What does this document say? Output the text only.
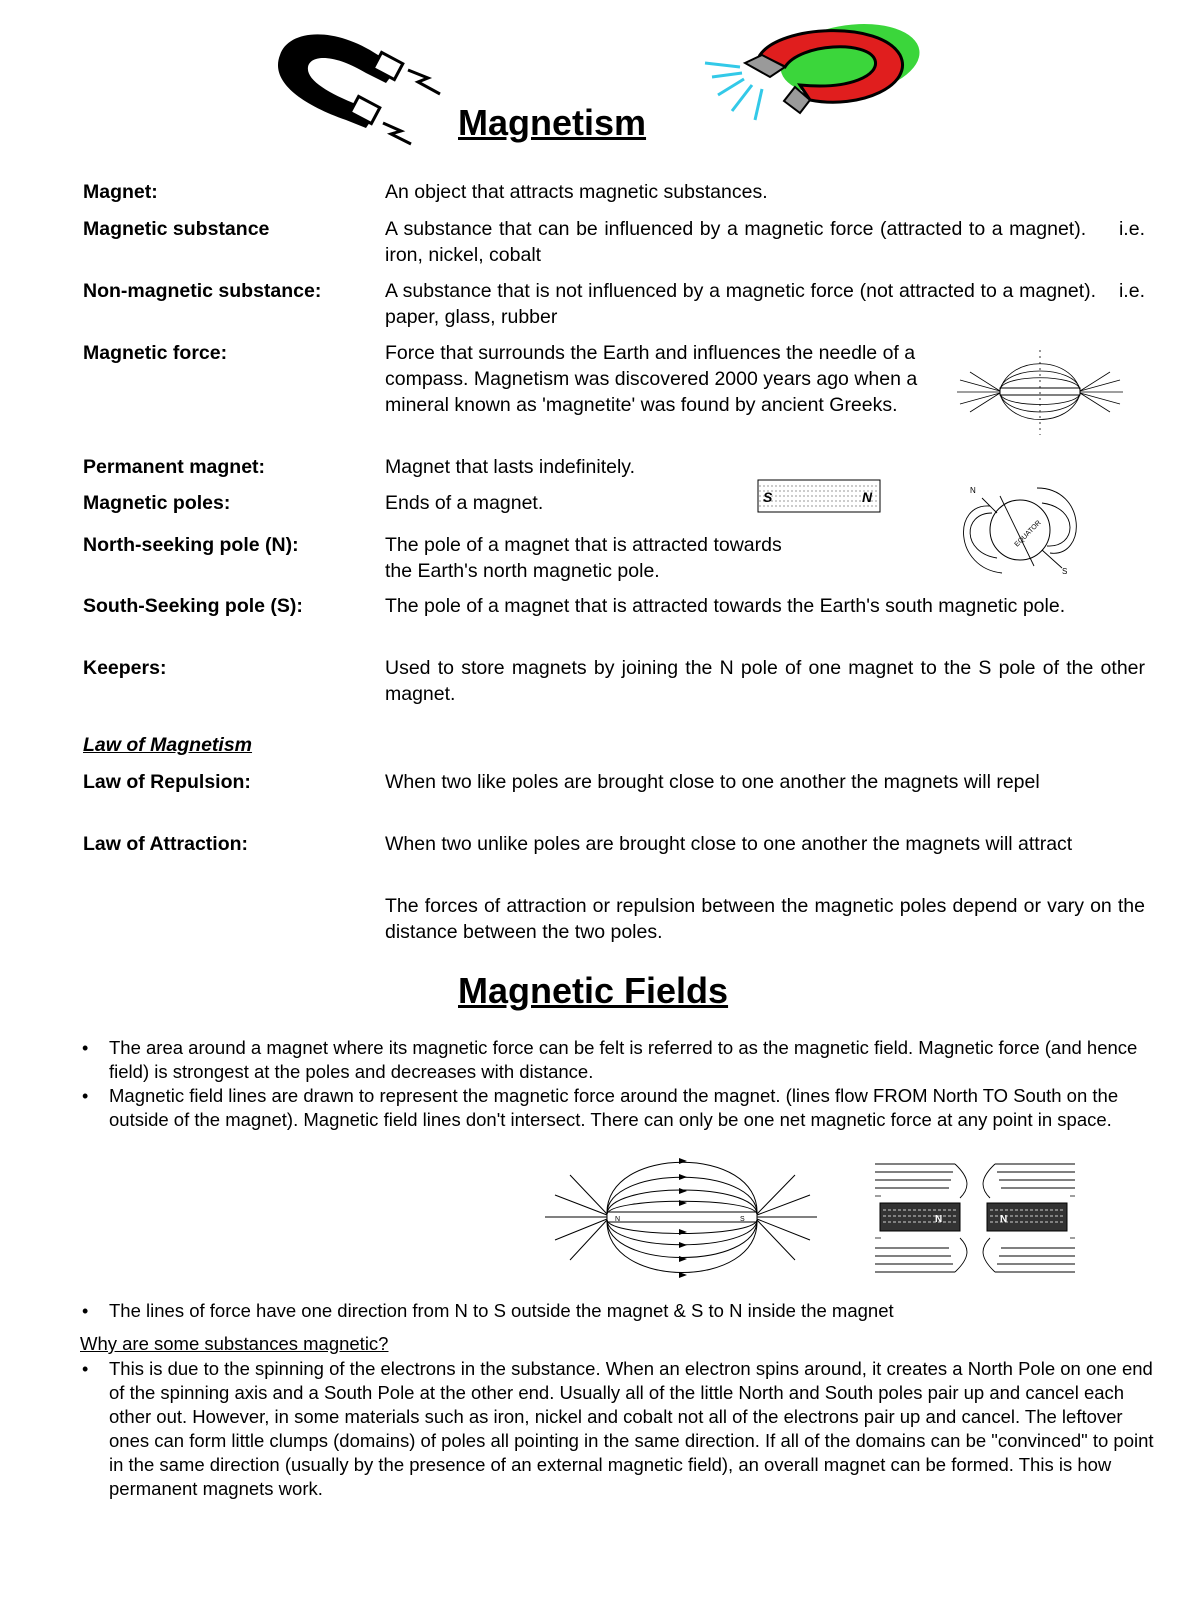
Magnetism
Magnet:	An object that attracts magnetic substances.
Magnetic substance	A substance that can be influenced by a magnetic force (attracted to a magnet).     i.e. iron, nickel, cobalt
Non-magnetic substance:	A substance that is not influenced by a magnetic force (not attracted to a magnet).    i.e. paper, glass, rubber
Magnetic force:	Force that surrounds the Earth and influences the needle of a compass. Magnetism was discovered 2000 years ago when a mineral known as 'magnetite' was found by ancient Greeks.
Permanent magnet:	Magnet that lasts indefinitely.
Magnetic poles:	Ends of a magnet.	S	N
EQUATOR
N
S
North-seeking pole (N):	The pole of a magnet that is attracted towards the Earth's north magnetic pole.
South-Seeking pole (S):	The pole of a magnet that is attracted towards the Earth's south magnetic pole.
Keepers:	Used to store magnets by joining the N pole of one magnet to the S pole of the other magnet.
Law of Magnetism
Law of Repulsion:	When two like poles are brought close to one another the magnets will repel
Law of Attraction:	When two unlike poles are brought close to one another the magnets will attract
The forces of attraction or repulsion between the magnetic poles depend or vary on the distance between the two poles.
Magnetic Fields
• The area around a magnet where its magnetic force can be felt is referred to as the magnetic field. Magnetic force (and hence field) is strongest at the poles and decreases with distance.
• Magnetic field lines are drawn to represent the magnetic force around the magnet. (lines flow FROM North TO South on the outside of the magnet). Magnetic field lines don't intersect. There can only be one net magnetic force at any point in space.
N	S	N	N
• The lines of force have one direction from N to S outside the magnet & S to N inside the magnet
Why are some substances magnetic?
• This is due to the spinning of the electrons in the substance. When an electron spins around, it creates a North Pole on one end of the spinning axis and a South Pole at the other end. Usually all of the little North and South poles pair up and cancel each other out. However, in some materials such as iron, nickel and cobalt not all of the electrons pair up and cancel. The leftover ones can form little clumps (domains) of poles all pointing in the same direction. If all of the domains can be "convinced" to point in the same direction (usually by the presence of an external magnetic field), an overall magnet can be formed. This is how permanent magnets work.
